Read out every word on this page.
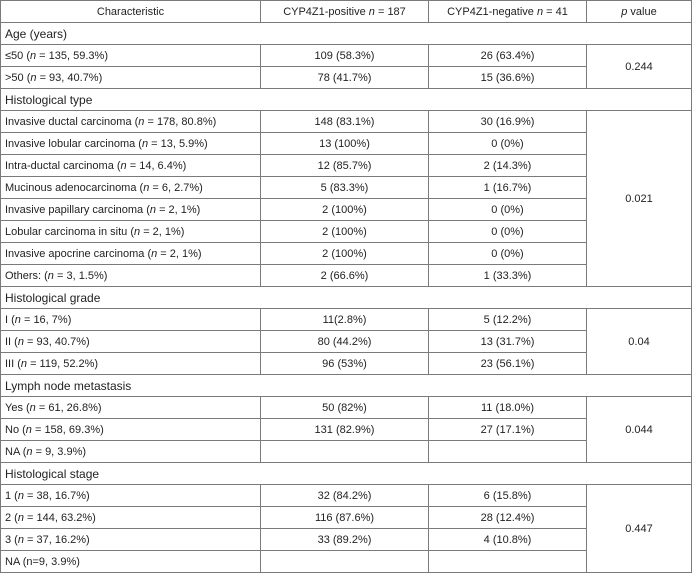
Characteristic	CYP4Z1-positive n = 187	CYP4Z1-negative n = 41	p value
Age (years)			
≤50 (n = 135, 59.3%)	109 (58.3%)	26 (63.4%)	0.244
>50 (n = 93, 40.7%)	78 (41.7%)	15 (36.6%)	
Histological type			
Invasive ductal carcinoma (n = 178, 80.8%)	148 (83.1%)	30 (16.9%)	0.021
Invasive lobular carcinoma (n = 13, 5.9%)	13 (100%)	0 (0%)	
Intra-ductal carcinoma (n = 14, 6.4%)	12 (85.7%)	2 (14.3%)	
Mucinous adenocarcinoma (n = 6, 2.7%)	5 (83.3%)	1 (16.7%)	
Invasive papillary carcinoma (n = 2, 1%)	2 (100%)	0 (0%)	
Lobular carcinoma in situ (n = 2, 1%)	2 (100%)	0 (0%)	
Invasive apocrine carcinoma (n = 2, 1%)	2 (100%)	0 (0%)	
Others: (n = 3, 1.5%)	2 (66.6%)	1 (33.3%)	
Histological grade			
I (n = 16, 7%)	11(2.8%)	5 (12.2%)	0.04
II (n = 93, 40.7%)	80 (44.2%)	13 (31.7%)	
III (n = 119, 52.2%)	96 (53%)	23 (56.1%)	
Lymph node metastasis			
Yes (n = 61, 26.8%)	50 (82%)	11 (18.0%)	0.044
No (n = 158, 69.3%)	131 (82.9%)	27 (17.1%)	
NA (n = 9, 3.9%)			
Histological stage			
1 (n = 38, 16.7%)	32 (84.2%)	6 (15.8%)	0.447
2 (n = 144, 63.2%)	116 (87.6%)	28 (12.4%)	
3 (n = 37, 16.2%)	33 (89.2%)	4 (10.8%)	
NA (n=9, 3.9%)			
